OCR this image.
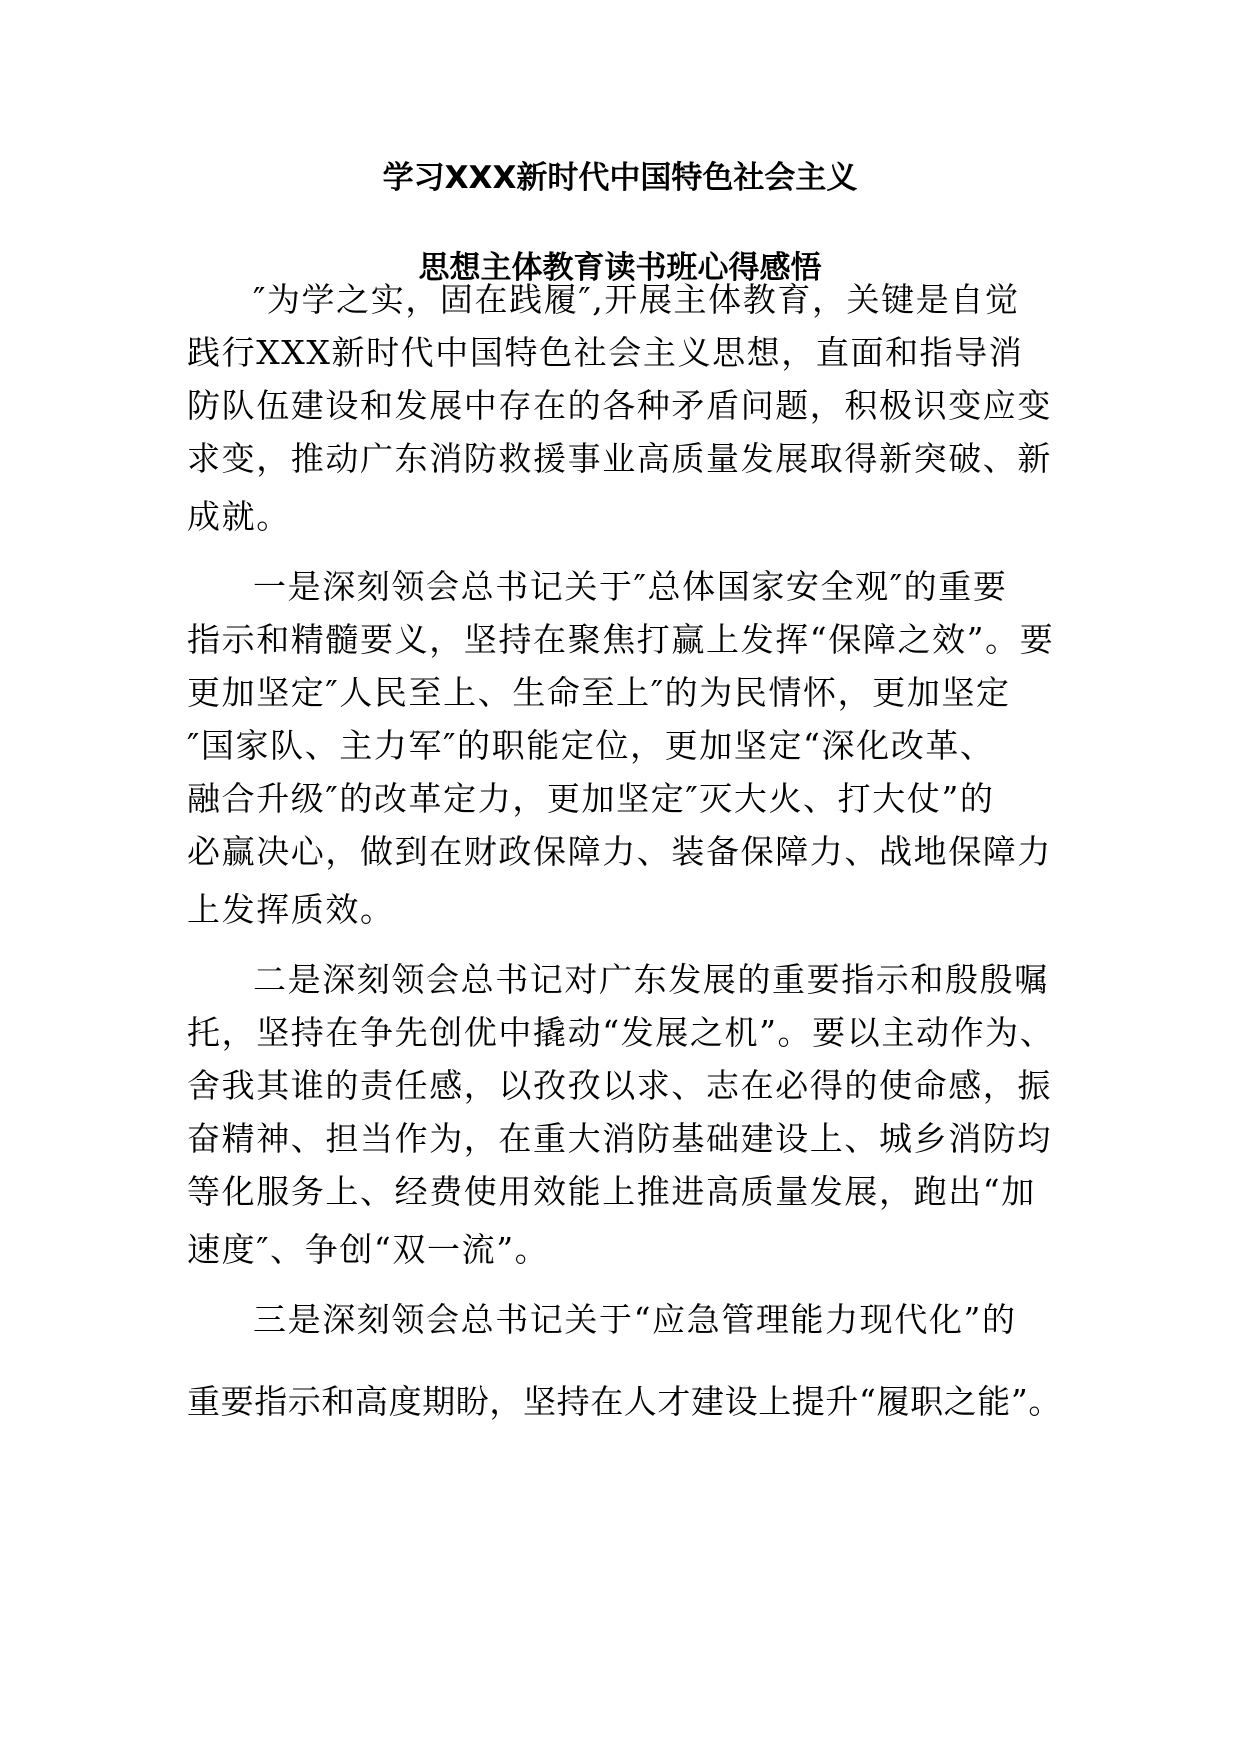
学习XXX新时代中国特色社会主义
思想主体教育读书班心得感悟
″为学之实，固在践履″,开展主体教育，关键是自觉
践行XXX新时代中国特色社会主义思想，直面和指导消
防队伍建设和发展中存在的各种矛盾问题，积极识变应变
求变，推动广东消防救援事业高质量发展取得新突破、新
成就。
一是深刻领会总书记关于″总体国家安全观″的重要
指示和精髓要义，坚持在聚焦打赢上发挥“保障之效”。要
更加坚定″人民至上、生命至上″的为民情怀，更加坚定
″国家队、主力军″的职能定位，更加坚定“深化改革、
融合升级″的改革定力，更加坚定″灭大火、打大仗”的
必赢决心，做到在财政保障力、装备保障力、战地保障力
上发挥质效。
二是深刻领会总书记对广东发展的重要指示和殷殷嘱
托，坚持在争先创优中撬动“发展之机”。要以主动作为、
舍我其谁的责任感，以孜孜以求、志在必得的使命感，振
奋精神、担当作为，在重大消防基础建设上、城乡消防均
等化服务上、经费使用效能上推进高质量发展，跑出“加
速度″、争创“双一流”。
三是深刻领会总书记关于“应急管理能力现代化”的
重要指示和高度期盼，坚持在人才建设上提升“履职之能”。
